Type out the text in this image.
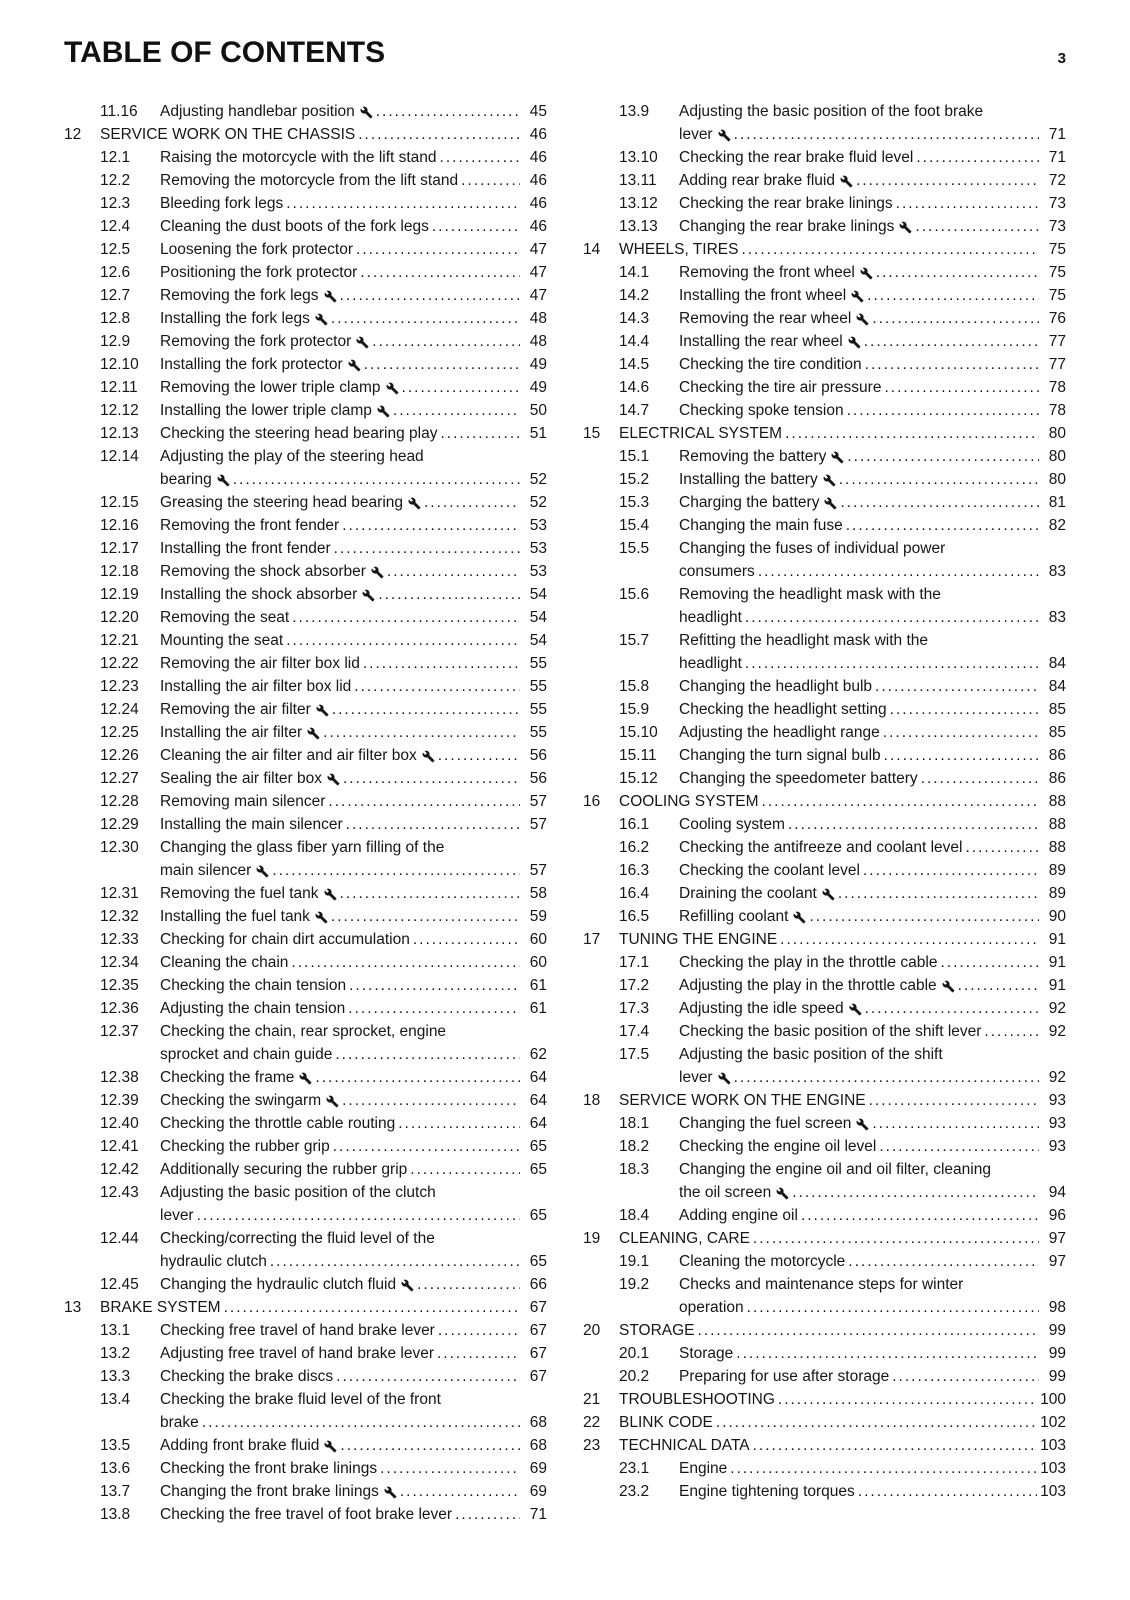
TABLE OF CONTENTS	3
11.16	Adjusting handlebar position .....	45
12	SERVICE WORK ON THE CHASSIS .....	46
12.1	Raising the motorcycle with the lift stand .....	46
12.2	Removing the motorcycle from the lift stand .....	46
12.3	Bleeding fork legs .....	46
12.4	Cleaning the dust boots of the fork legs .....	46
12.5	Loosening the fork protector .....	47
12.6	Positioning the fork protector .....	47
12.7	Removing the fork legs .....	47
12.8	Installing the fork legs .....	48
12.9	Removing the fork protector .....	48
12.10	Installing the fork protector .....	49
12.11	Removing the lower triple clamp .....	49
12.12	Installing the lower triple clamp .....	50
12.13	Checking the steering head bearing play .....	51
12.14	Adjusting the play of the steering head
bearing .....	52
12.15	Greasing the steering head bearing .....	52
12.16	Removing the front fender .....	53
12.17	Installing the front fender .....	53
12.18	Removing the shock absorber .....	53
12.19	Installing the shock absorber .....	54
12.20	Removing the seat .....	54
12.21	Mounting the seat .....	54
12.22	Removing the air filter box lid .....	55
12.23	Installing the air filter box lid .....	55
12.24	Removing the air filter .....	55
12.25	Installing the air filter .....	55
12.26	Cleaning the air filter and air filter box .....	56
12.27	Sealing the air filter box .....	56
12.28	Removing main silencer .....	57
12.29	Installing the main silencer .....	57
12.30	Changing the glass fiber yarn filling of the
main silencer .....	57
12.31	Removing the fuel tank .....	58
12.32	Installing the fuel tank .....	59
12.33	Checking for chain dirt accumulation .....	60
12.34	Cleaning the chain .....	60
12.35	Checking the chain tension .....	61
12.36	Adjusting the chain tension .....	61
12.37	Checking the chain, rear sprocket, engine
sprocket and chain guide .....	62
12.38	Checking the frame .....	64
12.39	Checking the swingarm .....	64
12.40	Checking the throttle cable routing .....	64
12.41	Checking the rubber grip .....	65
12.42	Additionally securing the rubber grip .....	65
12.43	Adjusting the basic position of the clutch
lever .....	65
12.44	Checking/correcting the fluid level of the
hydraulic clutch .....	65
12.45	Changing the hydraulic clutch fluid .....	66
13	BRAKE SYSTEM .....	67
13.1	Checking free travel of hand brake lever .....	67
13.2	Adjusting free travel of hand brake lever .....	67
13.3	Checking the brake discs .....	67
13.4	Checking the brake fluid level of the front
brake .....	68
13.5	Adding front brake fluid .....	68
13.6	Checking the front brake linings .....	69
13.7	Changing the front brake linings .....	69
13.8	Checking the free travel of foot brake lever .....	71
13.9	Adjusting the basic position of the foot brake
lever .....	71
13.10	Checking the rear brake fluid level .....	71
13.11	Adding rear brake fluid .....	72
13.12	Checking the rear brake linings .....	73
13.13	Changing the rear brake linings .....	73
14	WHEELS, TIRES .....	75
14.1	Removing the front wheel .....	75
14.2	Installing the front wheel .....	75
14.3	Removing the rear wheel .....	76
14.4	Installing the rear wheel .....	77
14.5	Checking the tire condition .....	77
14.6	Checking the tire air pressure .....	78
14.7	Checking spoke tension .....	78
15	ELECTRICAL SYSTEM .....	80
15.1	Removing the battery .....	80
15.2	Installing the battery .....	80
15.3	Charging the battery .....	81
15.4	Changing the main fuse .....	82
15.5	Changing the fuses of individual power
consumers .....	83
15.6	Removing the headlight mask with the
headlight .....	83
15.7	Refitting the headlight mask with the
headlight .....	84
15.8	Changing the headlight bulb .....	84
15.9	Checking the headlight setting .....	85
15.10	Adjusting the headlight range .....	85
15.11	Changing the turn signal bulb .....	86
15.12	Changing the speedometer battery .....	86
16	COOLING SYSTEM .....	88
16.1	Cooling system .....	88
16.2	Checking the antifreeze and coolant level .....	88
16.3	Checking the coolant level .....	89
16.4	Draining the coolant .....	89
16.5	Refilling coolant .....	90
17	TUNING THE ENGINE .....	91
17.1	Checking the play in the throttle cable .....	91
17.2	Adjusting the play in the throttle cable .....	91
17.3	Adjusting the idle speed .....	92
17.4	Checking the basic position of the shift lever .....	92
17.5	Adjusting the basic position of the shift
lever .....	92
18	SERVICE WORK ON THE ENGINE .....	93
18.1	Changing the fuel screen .....	93
18.2	Checking the engine oil level .....	93
18.3	Changing the engine oil and oil filter, cleaning
the oil screen .....	94
18.4	Adding engine oil .....	96
19	CLEANING, CARE .....	97
19.1	Cleaning the motorcycle .....	97
19.2	Checks and maintenance steps for winter
operation .....	98
20	STORAGE .....	99
20.1	Storage .....	99
20.2	Preparing for use after storage .....	99
21	TROUBLESHOOTING .....	100
22	BLINK CODE .....	102
23	TECHNICAL DATA .....	103
23.1	Engine .....	103
23.2	Engine tightening torques .....	103
